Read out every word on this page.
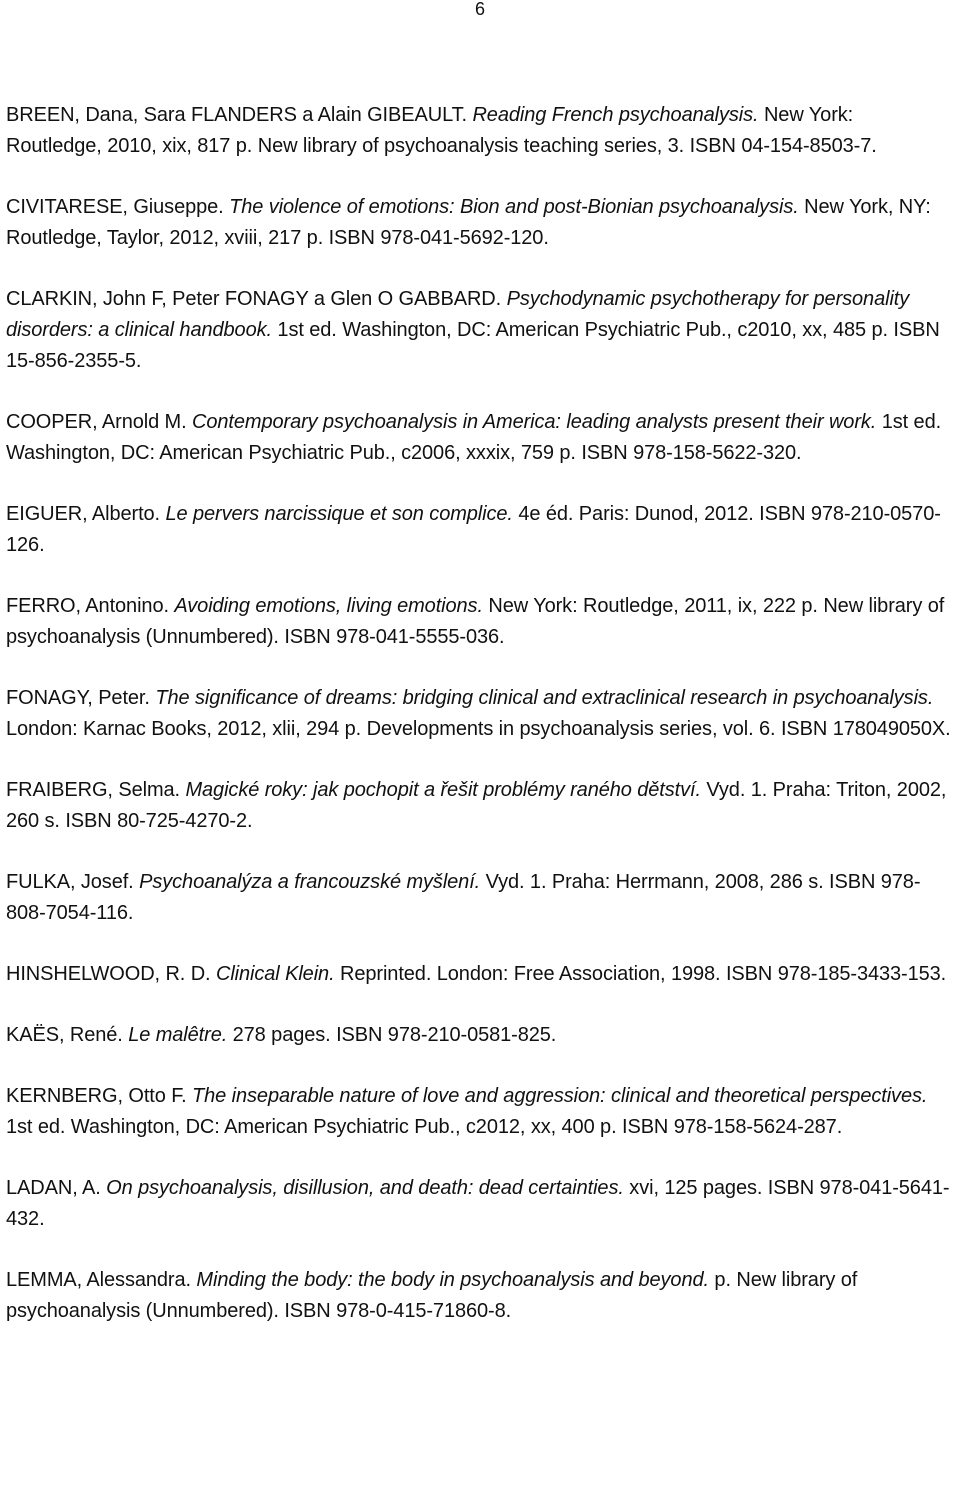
6

BREEN, Dana, Sara FLANDERS a Alain GIBEAULT. Reading French psychoanalysis. New York: Routledge, 2010, xix, 817 p. New library of psychoanalysis teaching series, 3. ISBN 04-154-8503-7.

CIVITARESE, Giuseppe. The violence of emotions: Bion and post-Bionian psychoanalysis. New York, NY: Routledge, Taylor, 2012, xviii, 217 p. ISBN 978-041-5692-120.

CLARKIN, John F, Peter FONAGY a Glen O GABBARD. Psychodynamic psychotherapy for personality disorders: a clinical handbook. 1st ed. Washington, DC: American Psychiatric Pub., c2010, xx, 485 p. ISBN 15-856-2355-5.

COOPER, Arnold M. Contemporary psychoanalysis in America: leading analysts present their work. 1st ed. Washington, DC: American Psychiatric Pub., c2006, xxxix, 759 p. ISBN 978-158-5622-320.

EIGUER, Alberto. Le pervers narcissique et son complice. 4e éd. Paris: Dunod, 2012. ISBN 978-210-0570-126.

FERRO, Antonino. Avoiding emotions, living emotions. New York: Routledge, 2011, ix, 222 p. New library of psychoanalysis (Unnumbered). ISBN 978-041-5555-036.

FONAGY, Peter. The significance of dreams: bridging clinical and extraclinical research in psychoanalysis. London: Karnac Books, 2012, xlii, 294 p. Developments in psychoanalysis series, vol. 6. ISBN 178049050X.

FRAIBERG, Selma. Magické roky: jak pochopit a řešit problémy raného dětství. Vyd. 1. Praha: Triton, 2002, 260 s. ISBN 80-725-4270-2.

FULKA, Josef. Psychoanalýza a francouzské myšlení. Vyd. 1. Praha: Herrmann, 2008, 286 s. ISBN 978-808-7054-116.

HINSHELWOOD, R. D. Clinical Klein. Reprinted. London: Free Association, 1998. ISBN 978-185-3433-153.

KAËS, René. Le malêtre. 278 pages. ISBN 978-210-0581-825.

KERNBERG, Otto F. The inseparable nature of love and aggression: clinical and theoretical perspectives. 1st ed. Washington, DC: American Psychiatric Pub., c2012, xx, 400 p. ISBN 978-158-5624-287.

LADAN, A. On psychoanalysis, disillusion, and death: dead certainties. xvi, 125 pages. ISBN 978-041-5641-432.

LEMMA, Alessandra. Minding the body: the body in psychoanalysis and beyond. p. New library of psychoanalysis (Unnumbered). ISBN 978-0-415-71860-8.
